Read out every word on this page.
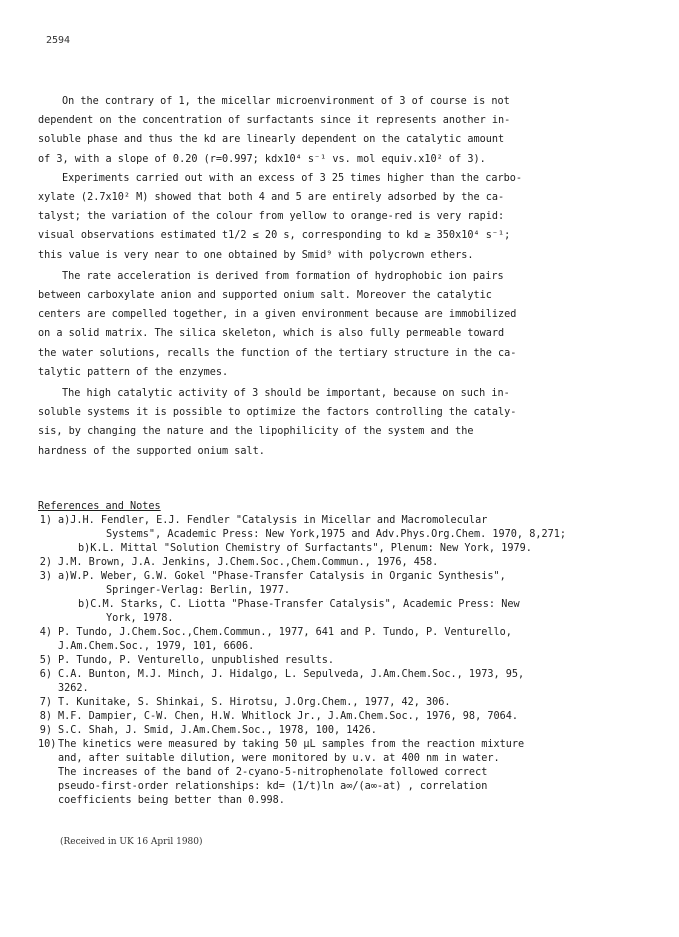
2594

On the contrary of 1, the micellar microenvironment of 3 of course is not
dependent on the concentration of surfactants since it represents another in-
soluble phase and thus the kd are linearly dependent on the catalytic amount
of 3, with a slope of 0.20 (r=0.997; kdx10⁴ s⁻¹ vs. mol equiv.x10² of 3).

Experiments carried out with an excess of 3 25 times higher than the carbo-
xylate (2.7x10² M) showed that both 4 and 5 are entirely adsorbed by the ca-
talyst; the variation of the colour from yellow to orange-red is very rapid:
visual observations estimated t1/2 ≤ 20 s, corresponding to kd ≥ 350x10⁴ s⁻¹;
this value is very near to one obtained by Smid⁹ with polycrown ethers.

The rate acceleration is derived from formation of hydrophobic ion pairs
between carboxylate anion and supported onium salt. Moreover the catalytic
centers are compelled together, in a given environment because are immobilized
on a solid matrix. The silica skeleton, which is also fully permeable toward
the water solutions, recalls the function of the tertiary structure in the ca-
talytic pattern of the enzymes.

The high catalytic activity of 3 should be important, because on such in-
soluble systems it is possible to optimize the factors controlling the cataly-
sis, by changing the nature and the lipophilicity of the system and the
hardness of the supported onium salt.

References and Notes
1) a)J.H. Fendler, E.J. Fendler "Catalysis in Micellar and Macromolecular
Systems", Academic Press: New York,1975 and Adv.Phys.Org.Chem. 1970, 8,271;
b)K.L. Mittal "Solution Chemistry of Surfactants", Plenum: New York, 1979.
2) J.M. Brown, J.A. Jenkins, J.Chem.Soc.,Chem.Commun., 1976, 458.
3) a)W.P. Weber, G.W. Gokel "Phase-Transfer Catalysis in Organic Synthesis",
Springer-Verlag: Berlin, 1977.
b)C.M. Starks, C. Liotta "Phase-Transfer Catalysis", Academic Press: New
York, 1978.
4) P. Tundo, J.Chem.Soc.,Chem.Commun., 1977, 641 and P. Tundo, P. Venturello,
J.Am.Chem.Soc., 1979, 101, 6606.
5) P. Tundo, P. Venturello, unpublished results.
6) C.A. Bunton, M.J. Minch, J. Hidalgo, L. Sepulveda, J.Am.Chem.Soc., 1973, 95,
3262.
7) T. Kunitake, S. Shinkai, S. Hirotsu, J.Org.Chem., 1977, 42, 306.
8) M.F. Dampier, C-W. Chen, H.W. Whitlock Jr., J.Am.Chem.Soc., 1976, 98, 7064.
9) S.C. Shah, J. Smid, J.Am.Chem.Soc., 1978, 100, 1426.
10) The kinetics were measured by taking 50 μL samples from the reaction mixture
and, after suitable dilution, were monitored by u.v. at 400 nm in water.
The increases of the band of 2-cyano-5-nitrophenolate followed correct
pseudo-first-order relationships: kd= (1/t)ln a∞/(a∞-at) , correlation
coefficients being better than 0.998.
(Received in UK 16 April 1980)
